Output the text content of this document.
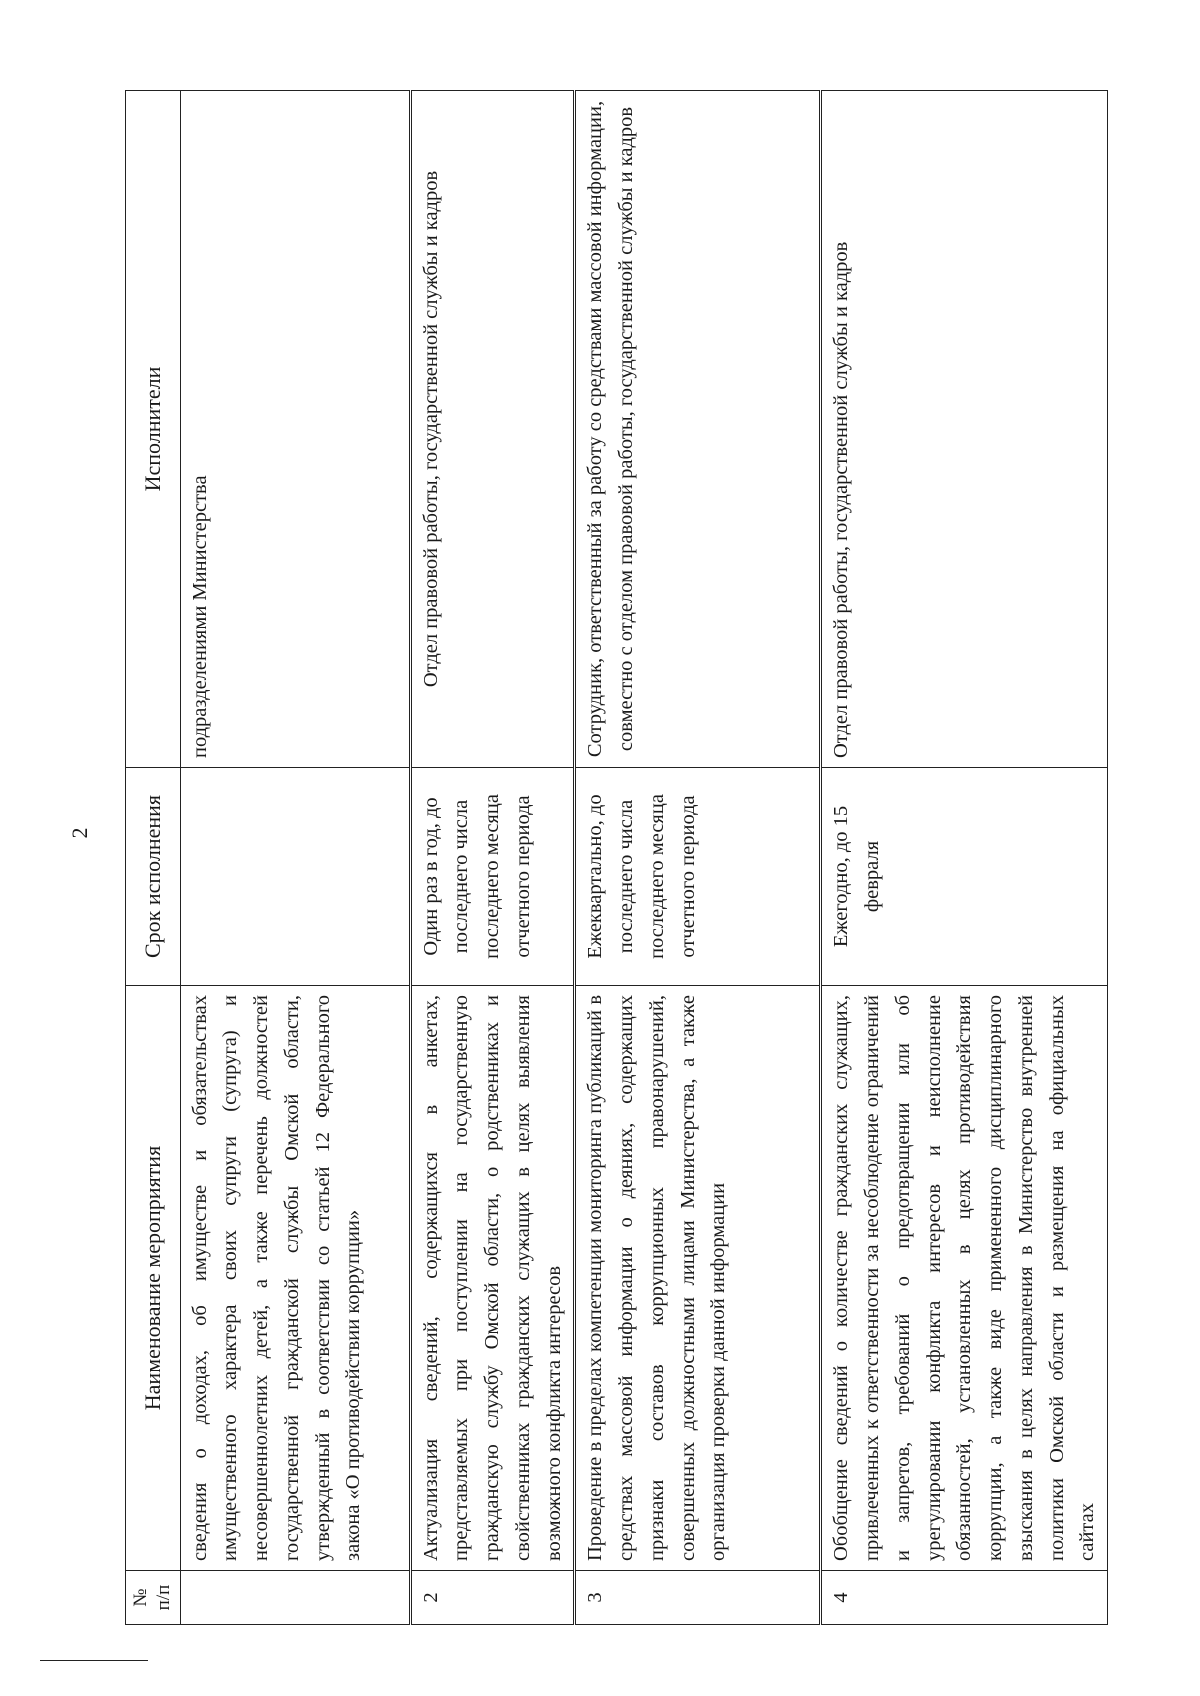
2
№ п/п	Наименование мероприятия	Срок исполнения	Исполнители
	сведения о доходах, об имуществе и обязательствах имущественного характера своих супруги (супруга) и несовершеннолетних детей, а также перечень должностей государственной гражданской службы Омской области, утвержденный в соответствии со статьей 12 Федерального закона «О противодействии коррупции»		подразделениями Министерства
2	Актуализация сведений, содержащихся в анкетах, представляемых при поступлении на государственную гражданскую службу Омской области, о родственниках и свойственниках гражданских служащих в целях выявления возможного конфликта интересов	Один раз в год, до последнего числа последнего месяца отчетного периода	Отдел правовой работы, государственной службы и кадров
3	Проведение в пределах компетенции мониторинга публикаций в средствах массовой информации о деяниях, содержащих признаки составов коррупционных правонарушений, совершенных должностными лицами Министерства, а также организация проверки данной информации	Ежеквартально, до последнего числа последнего месяца отчетного периода	Сотрудник, ответственный за работу со средствами массовой информации, совместно с отделом правовой работы, государственной службы и кадров
4	Обобщение сведений о количестве гражданских служащих, привлеченных к ответственности за несоблюдение ограничений и запретов, требований о предотвращении или об урегулировании конфликта интересов и неисполнение обязанностей, установленных в целях противодействия коррупции, а также виде примененного дисциплинарного взыскания в целях направления в Министерство внутренней политики Омской области и размещения на официальных сайтах	Ежегодно, до 15 февраля	Отдел правовой работы, государственной службы и кадров
